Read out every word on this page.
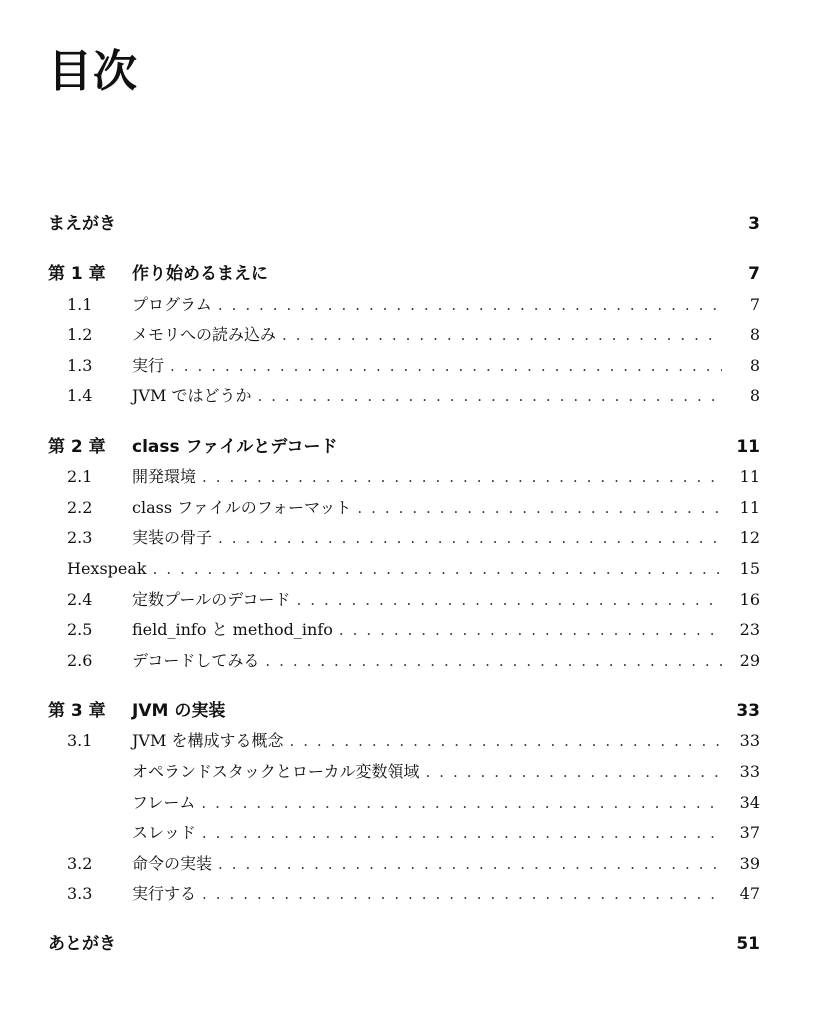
目次
まえがき	3
第 1 章	作り始めるまえに	7
1.1	プログラム . . .	7
1.2	メモリへの読み込み . . .	8
1.3	実行 . . .	8
1.4	JVM ではどうか . . .	8
第 2 章	class ファイルとデコード	11
2.1	開発環境 . . .	11
2.2	class ファイルのフォーマット . . .	11
2.3	実装の骨子 . . .	12
Hexspeak . . .	15
2.4	定数プールのデコード . . .	16
2.5	field_info と method_info . . .	23
2.6	デコードしてみる . . .	29
第 3 章	JVM の実装	33
3.1	JVM を構成する概念 . . .	33
オペランドスタックとローカル変数領域 . . .	33
フレーム . . .	34
スレッド . . .	37
3.2	命令の実装 . . .	39
3.3	実行する . . .	47
あとがき	51
